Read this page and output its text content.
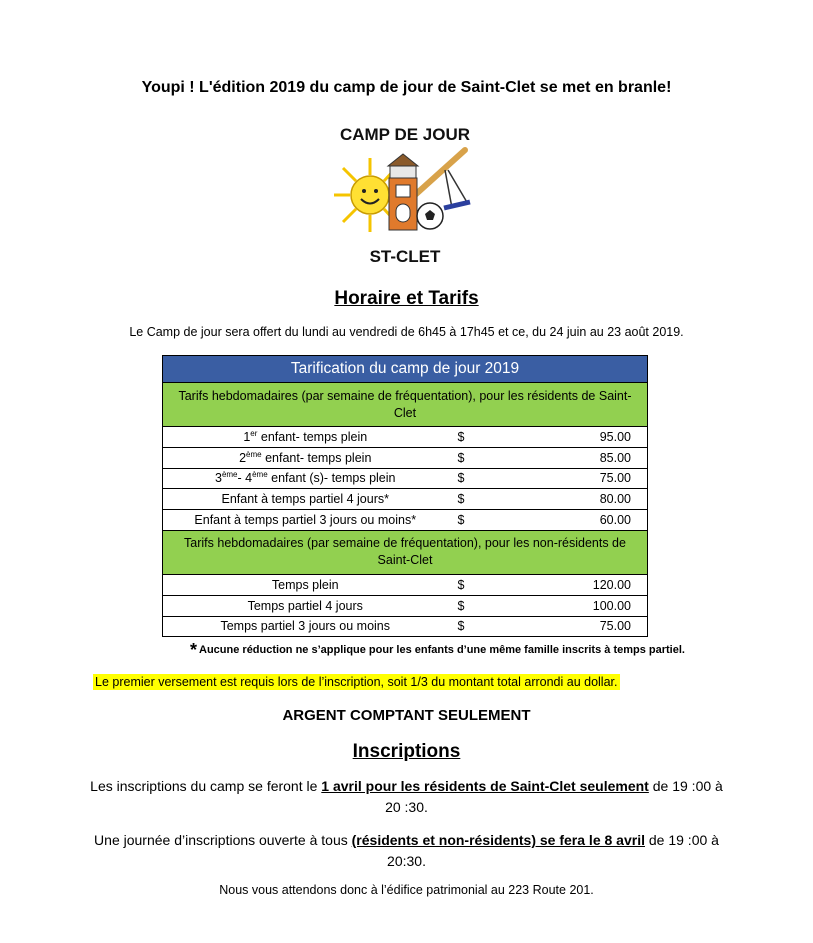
Youpi ! L'édition 2019 du camp de jour de Saint-Clet se met en branle!
CAMP DE JOUR
ST-CLET
Horaire et Tarifs
Le Camp de jour sera offert du lundi au vendredi de 6h45 à 17h45 et ce, du 24 juin au 23 août 2019.
Tarification du camp de jour 2019		
Tarifs hebdomadaires (par semaine de fréquentation), pour les résidents de Saint-Clet		
1er enfant- temps plein	$	95.00
2ème enfant- temps plein	$	85.00
3ème- 4ème enfant (s)- temps plein	$	75.00
Enfant à temps partiel 4 jours*	$	80.00
Enfant à temps partiel 3 jours ou moins*	$	60.00
Tarifs hebdomadaires (par semaine de fréquentation), pour les non-résidents de Saint-Clet		
Temps plein	$	120.00
Temps partiel 4 jours	$	100.00
Temps partiel 3 jours ou moins	$	75.00
* Aucune réduction ne s’applique pour les enfants d’une même famille inscrits à temps partiel.
Le premier versement est requis lors de l’inscription, soit 1/3 du montant total arrondi au dollar.
ARGENT COMPTANT SEULEMENT
Inscriptions
Les inscriptions du camp se feront le 1 avril pour les résidents de Saint-Clet seulement de 19 :00 à 20 :30.
Une journée d’inscriptions ouverte à tous (résidents et non-résidents) se fera le 8 avril de 19 :00 à 20:30.
Nous vous attendons donc à l’édifice patrimonial au 223 Route 201.
